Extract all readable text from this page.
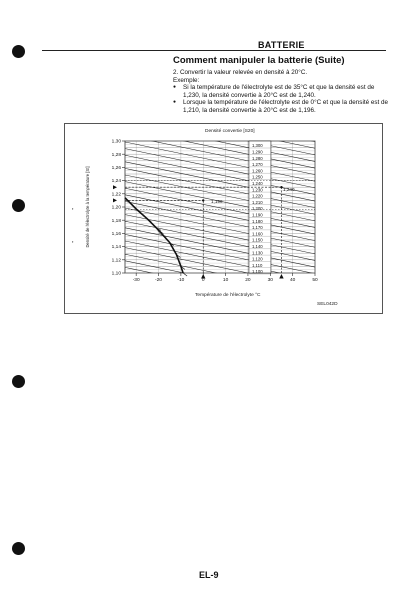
'
'
BATTERIE
Comment manipuler la batterie (Suite)

2. Convertir la valeur relevée en densité à 20°C.

Exemple:

● Si la température de l'électrolyte est de 35°C et que la densité est de 1,230, la densité convertie à 20°C est de 1,240.

● Lorsque la température de l'électrolyte est de 0°C et que la densité est de 1,210, la densité convertie à 20°C est de 1,196.

Densité convertie [S20]
Densité de l'électrolyte à la température [St]
Température de l'électrolyte °C
SEL042D
1,300
1,290
1,280
1,270
1,260
1,250
1,240
1,230
1,220
1,210
1,200
1,190
1,180
1,170
1,160
1,150
1,140
1,130
1,120
1,110
1,100
1,10
1,12
1,14
1,16
1,18
1,20
1,22
1,24
1,26
1,28
1,30
-30	-20	-10	0	10	20	30	40	50
Gel
1,196
1,240
EL-9
